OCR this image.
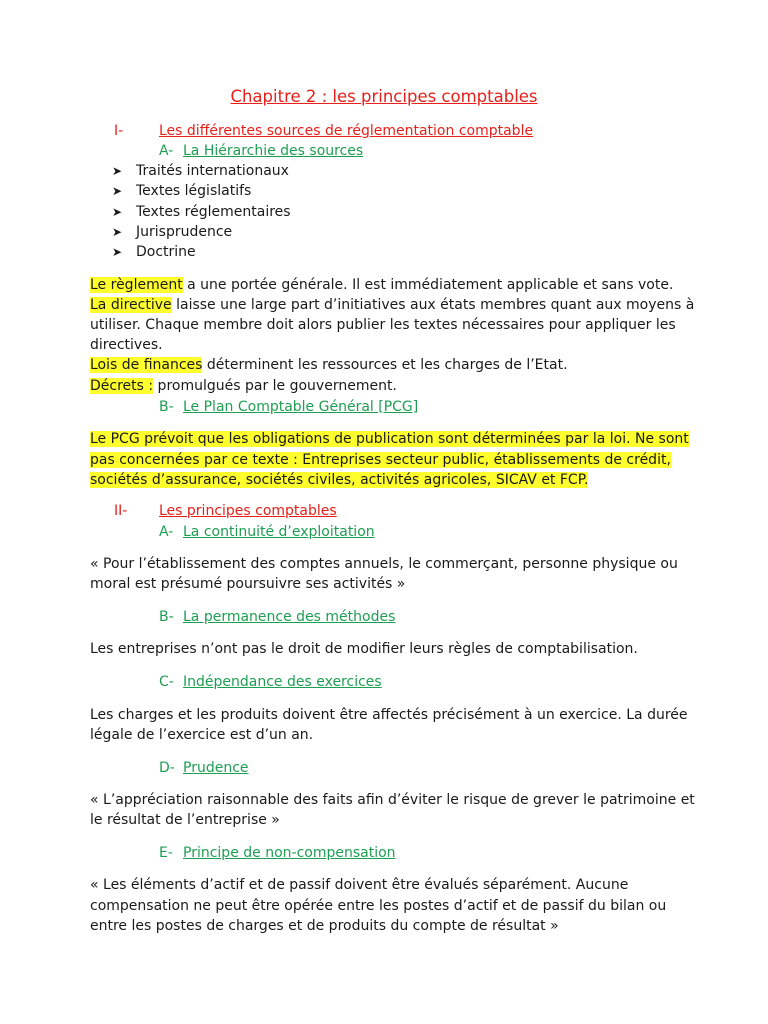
Chapitre 2 : les principes comptables
I-	Les différentes sources de réglementation comptable
A- La Hiérarchie des sources
➤ Traités internationaux
➤ Textes législatifs
➤ Textes réglementaires
➤ Jurisprudence
➤ Doctrine
Le règlement a une portée générale. Il est immédiatement applicable et sans vote.
La directive laisse une large part d’initiatives aux états membres quant aux moyens à
utiliser. Chaque membre doit alors publier les textes nécessaires pour appliquer les
directives.
Lois de finances déterminent les ressources et les charges de l’Etat.
Décrets : promulgués par le gouvernement.
B- Le Plan Comptable Général [PCG]
Le PCG prévoit que les obligations de publication sont déterminées par la loi. Ne sont
pas concernées par ce texte : Entreprises secteur public, établissements de crédit,
sociétés d’assurance, sociétés civiles, activités agricoles, SICAV et FCP.
II- Les principes comptables
A- La continuité d’exploitation
« Pour l’établissement des comptes annuels, le commerçant, personne physique ou
moral est présumé poursuivre ses activités »
B- La permanence des méthodes
Les entreprises n’ont pas le droit de modifier leurs règles de comptabilisation.
C- Indépendance des exercices
Les charges et les produits doivent être affectés précisément à un exercice. La durée
légale de l’exercice est d’un an.
D- Prudence
« L’appréciation raisonnable des faits afin d’éviter le risque de grever le patrimoine et
le résultat de l’entreprise »
E- Principe de non-compensation
« Les éléments d’actif et de passif doivent être évalués séparément. Aucune
compensation ne peut être opérée entre les postes d’actif et de passif du bilan ou
entre les postes de charges et de produits du compte de résultat »
